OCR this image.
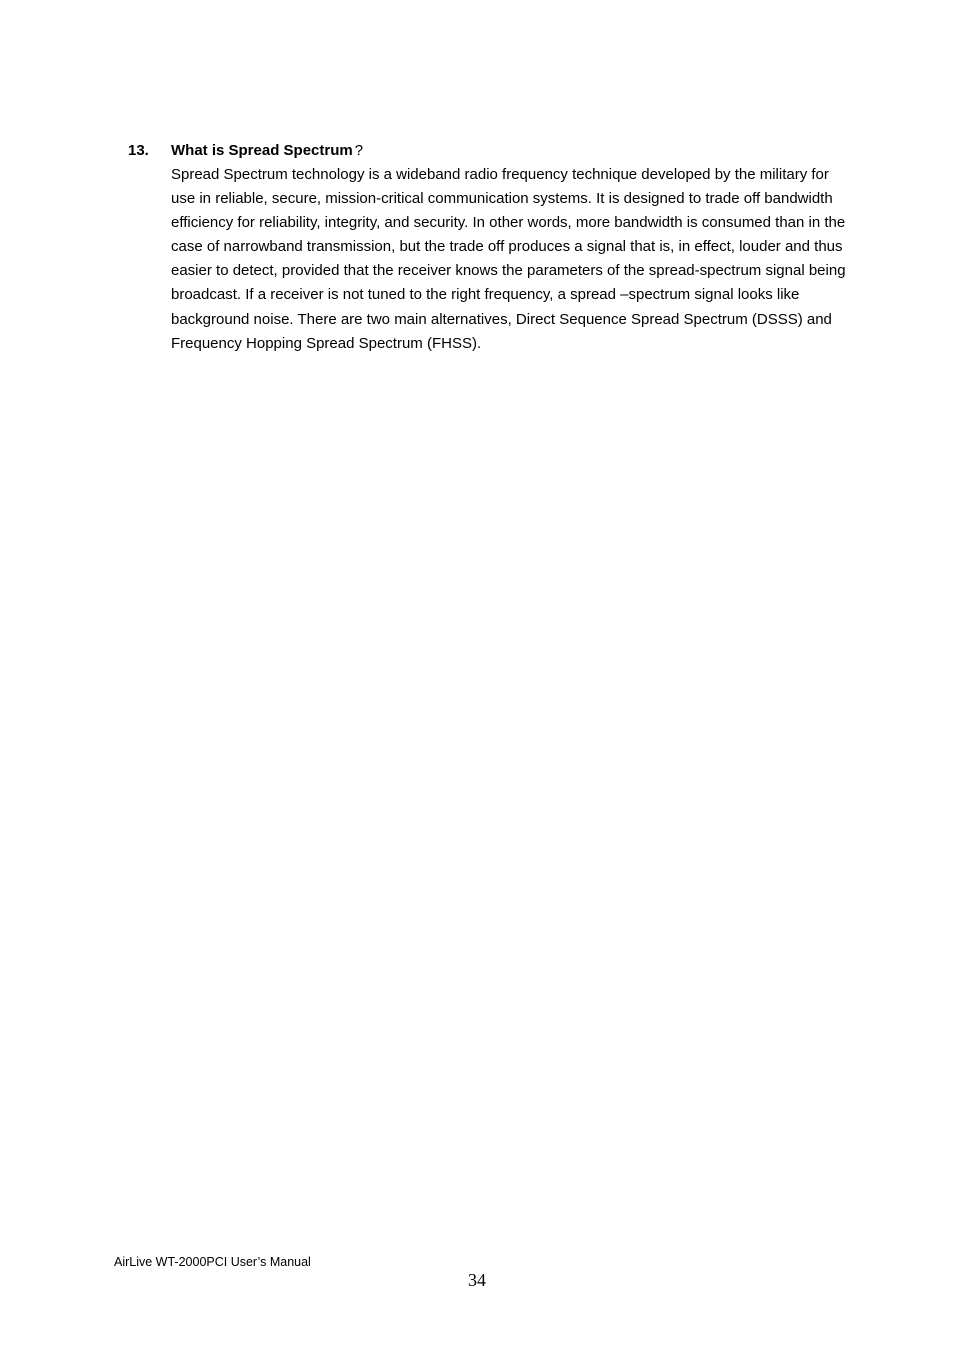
13. What is Spread Spectrum ?

Spread Spectrum technology is a wideband radio frequency technique developed by the military for use in reliable, secure, mission-critical communication systems. It is designed to trade off bandwidth efficiency for reliability, integrity, and security. In other words, more bandwidth is consumed than in the case of narrowband transmission, but the trade off produces a signal that is, in effect, louder and thus easier to detect, provided that the receiver knows the parameters of the spread-spectrum signal being broadcast. If a receiver is not tuned to the right frequency, a spread –spectrum signal looks like background noise. There are two main alternatives, Direct Sequence Spread Spectrum (DSSS) and Frequency Hopping Spread Spectrum (FHSS).

AirLive WT-2000PCI User’s Manual
34
